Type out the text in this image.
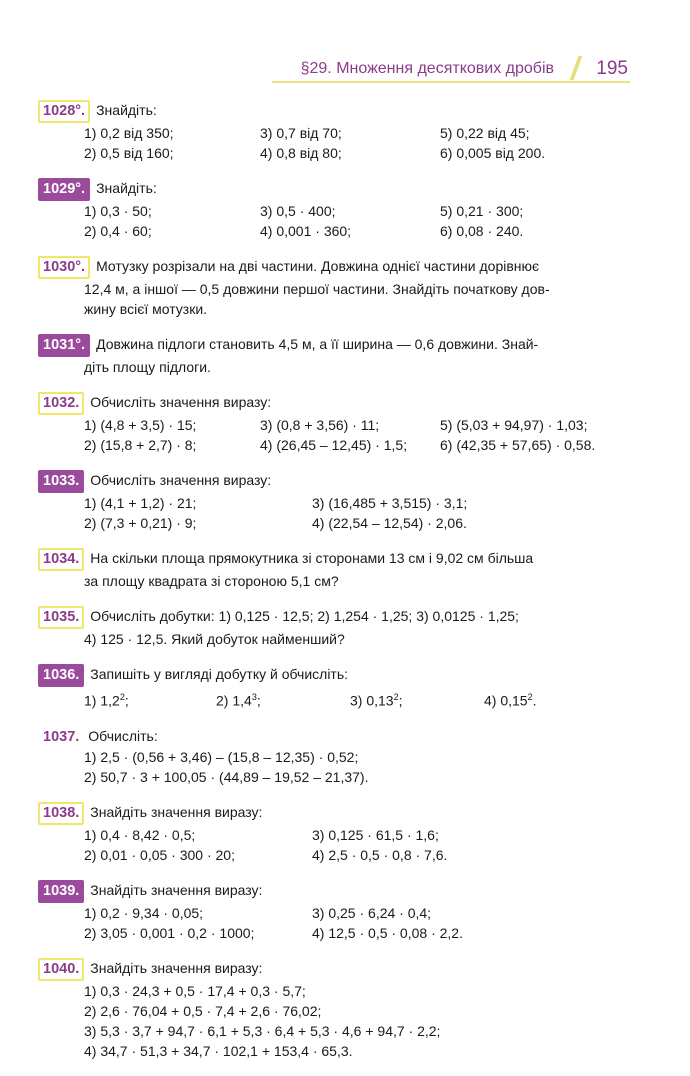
§29. Множення десяткових дробів 195
1028°. Знайдіть:
1) 0,2 від 350;	3) 0,7 від 70;	5) 0,22 від 45;
2) 0,5 від 160;	4) 0,8 від 80;	6) 0,005 від 200.
1029°. Знайдіть:
1) 0,3 · 50;	3) 0,5 · 400;	5) 0,21 · 300;
2) 0,4 · 60;	4) 0,001 · 360;	6) 0,08 · 240.
1030°. Мотузку розрізали на дві частини. Довжина однієї частини дорівнює
12,4 м, а іншої — 0,5 довжини першої частини. Знайдіть початкову дов-
жину всієї мотузки.
1031°. Довжина підлоги становить 4,5 м, а її ширина — 0,6 довжини. Знай-
діть площу підлоги.
1032. Обчисліть значення виразу:
1) (4,8 + 3,5) · 15;	3) (0,8 + 3,56) · 11;	5) (5,03 + 94,97) · 1,03;
2) (15,8 + 2,7) · 8;	4) (26,45 – 12,45) · 1,5;	6) (42,35 + 57,65) · 0,58.
1033. Обчисліть значення виразу:
1) (4,1 + 1,2) · 21;	3) (16,485 + 3,515) · 3,1;
2) (7,3 + 0,21) · 9;	4) (22,54 – 12,54) · 2,06.
1034. На скільки площа прямокутника зі сторонами 13 см і 9,02 см більша
за площу квадрата зі стороною 5,1 см?
1035. Обчисліть добутки: 1) 0,125 · 12,5; 2) 1,254 · 1,25; 3) 0,0125 · 1,25;
4) 125 · 12,5. Який добуток найменший?
1036. Запишіть у вигляді добутку й обчисліть:
1) $1,2^2$;	2) $1,4^3$;	3) 0,13$^2$;	4) 0,15$^2$.
1037. Обчисліть:
1) 2,5 · (0,56 + 3,46) – (15,8 – 12,35) · 0,52;
2) 50,7 · 3 + 100,05 · (44,89 – 19,52 – 21,37).
1038. Знайдіть значення виразу:
1) 0,4 · 8,42 · 0,5;	3) 0,125 · 61,5 · 1,6;
2) 0,01 · 0,05 · 300 · 20;	4) 2,5 · 0,5 · 0,8 · 7,6.
1039. Знайдіть значення виразу:
1) 0,2 · 9,34 · 0,05;	3) 0,25 · 6,24 · 0,4;
2) 3,05 · 0,001 · 0,2 · 1000;	4) 12,5 · 0,5 · 0,08 · 2,2.
1040. Знайдіть значення виразу:
1) 0,3 · 24,3 + 0,5 · 17,4 + 0,3 · 5,7;
2) 2,6 · 76,04 + 0,5 · 7,4 + 2,6 · 76,02;
3) 5,3 · 3,7 + 94,7 · 6,1 + 5,3 · 6,4 + 5,3 · 4,6 + 94,7 · 2,2;
4) 34,7 · 51,3 + 34,7 · 102,1 + 153,4 · 65,3.
